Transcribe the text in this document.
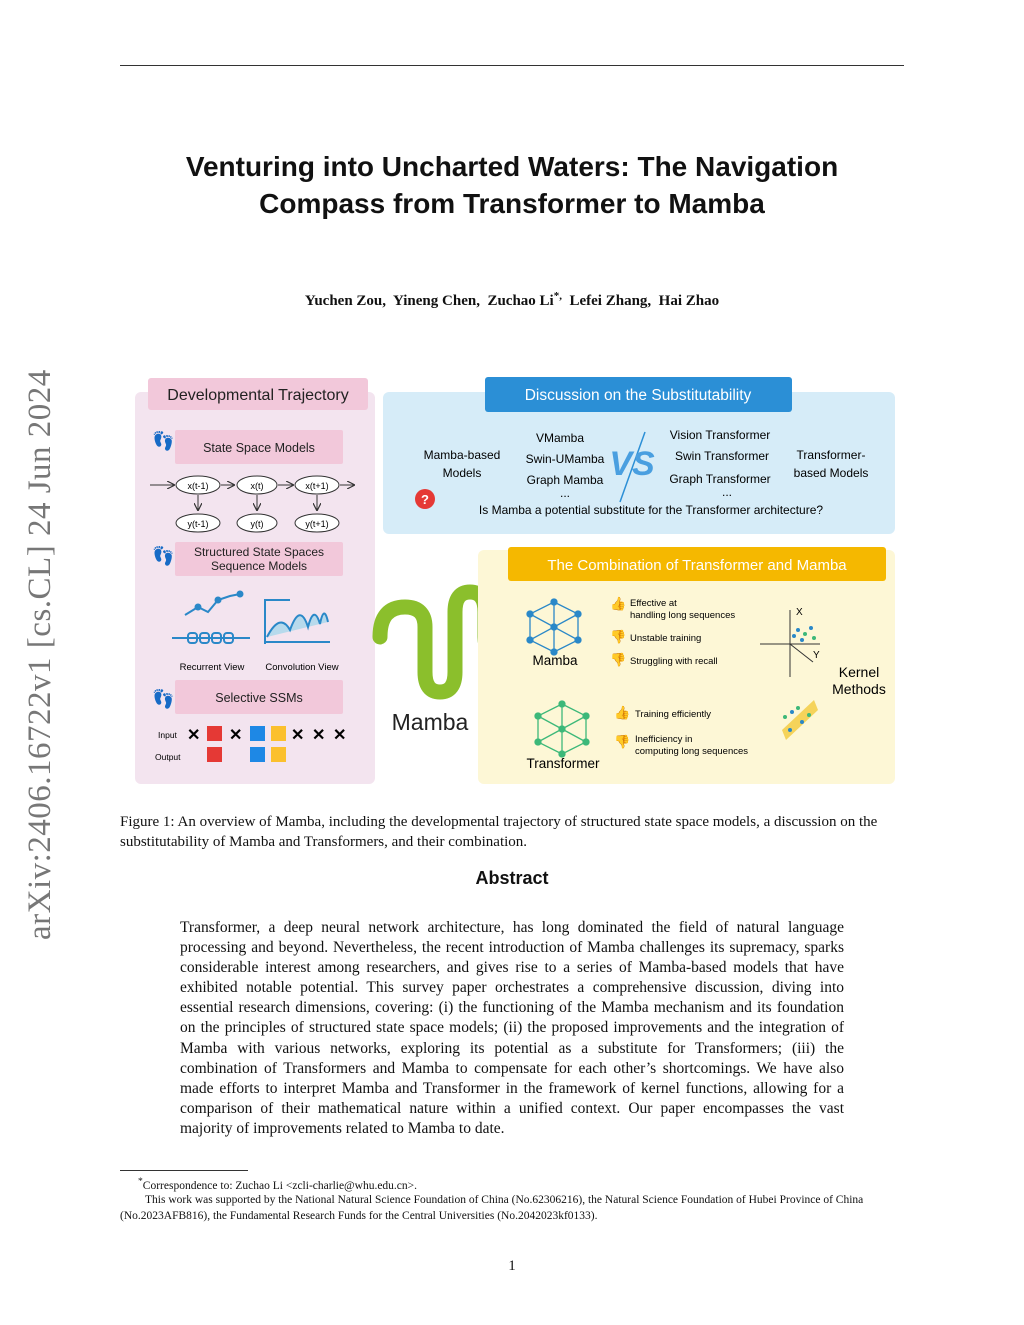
Venturing into Uncharted Waters: The Navigation
Compass from Transformer to Mamba
Yuchen Zou, Yineng Chen, Zuchao Li*, Lefei Zhang, Hai Zhao
arXiv:2406.16722v1 [cs.CL] 24 Jun 2024	Developmental Trajectory
👣 State Space Models
x(t-1)	x(t)	x(t+1)
y(t-1)	y(t)	y(t+1)
👣 Structured State Spaces
Sequence Models
Recurrent View Convolution View
👣	Selective SSMs
Input
Output
✕ ✕	✕ ✕ ✕
Discussion on the Substitutability
Mamba-based
Models
VMamba
Swin-UMamba
Graph Mamba
...
VS
Vision Transformer
Swin Transformer
Graph Transformer
...
Transformer-
based Models
?
Is Mamba a potential substitute for the Transformer architecture?
Mamba
The Combination of Transformer and Mamba
Mamba
👍 Effective at
handling long sequences
👎 Unstable training
👎 Struggling with recall
Transformer
👍 Training efficiently
👎 Inefficiency in
computing long sequences
X
Y
Kernel
Methods
Figure 1: An overview of Mamba, including the developmental trajectory of structured state space models, a discussion on the substitutability of Mamba and Transformers, and their combination.
Abstract
Transformer, a deep neural network architecture, has long dominated the field of natural language processing and beyond. Nevertheless, the recent introduction of Mamba challenges its supremacy, sparks considerable interest among researchers, and gives rise to a series of Mamba-based models that have exhibited notable potential. This survey paper orchestrates a comprehensive discussion, diving into essential research dimensions, covering: (i) the functioning of the Mamba mechanism and its foundation on the principles of structured state space models; (ii) the proposed improvements and the integration of Mamba with various networks, exploring its potential as a substitute for Transformers; (iii) the combination of Transformers and Mamba to compensate for each other’s shortcomings. We have also made efforts to interpret Mamba and Transformer in the framework of kernel functions, allowing for a comparison of their mathematical nature within a unified context. Our paper encompasses the vast majority of improvements related to Mamba to date.
*Correspondence to: Zuchao Li <zcli-charlie@whu.edu.cn>.
This work was supported by the National Natural Science Foundation of China (No.62306216), the Natural Science Foundation of Hubei Province of China (No.2023AFB816), the Fundamental Research Funds for the Central Universities (No.2042023kf0133).
1
